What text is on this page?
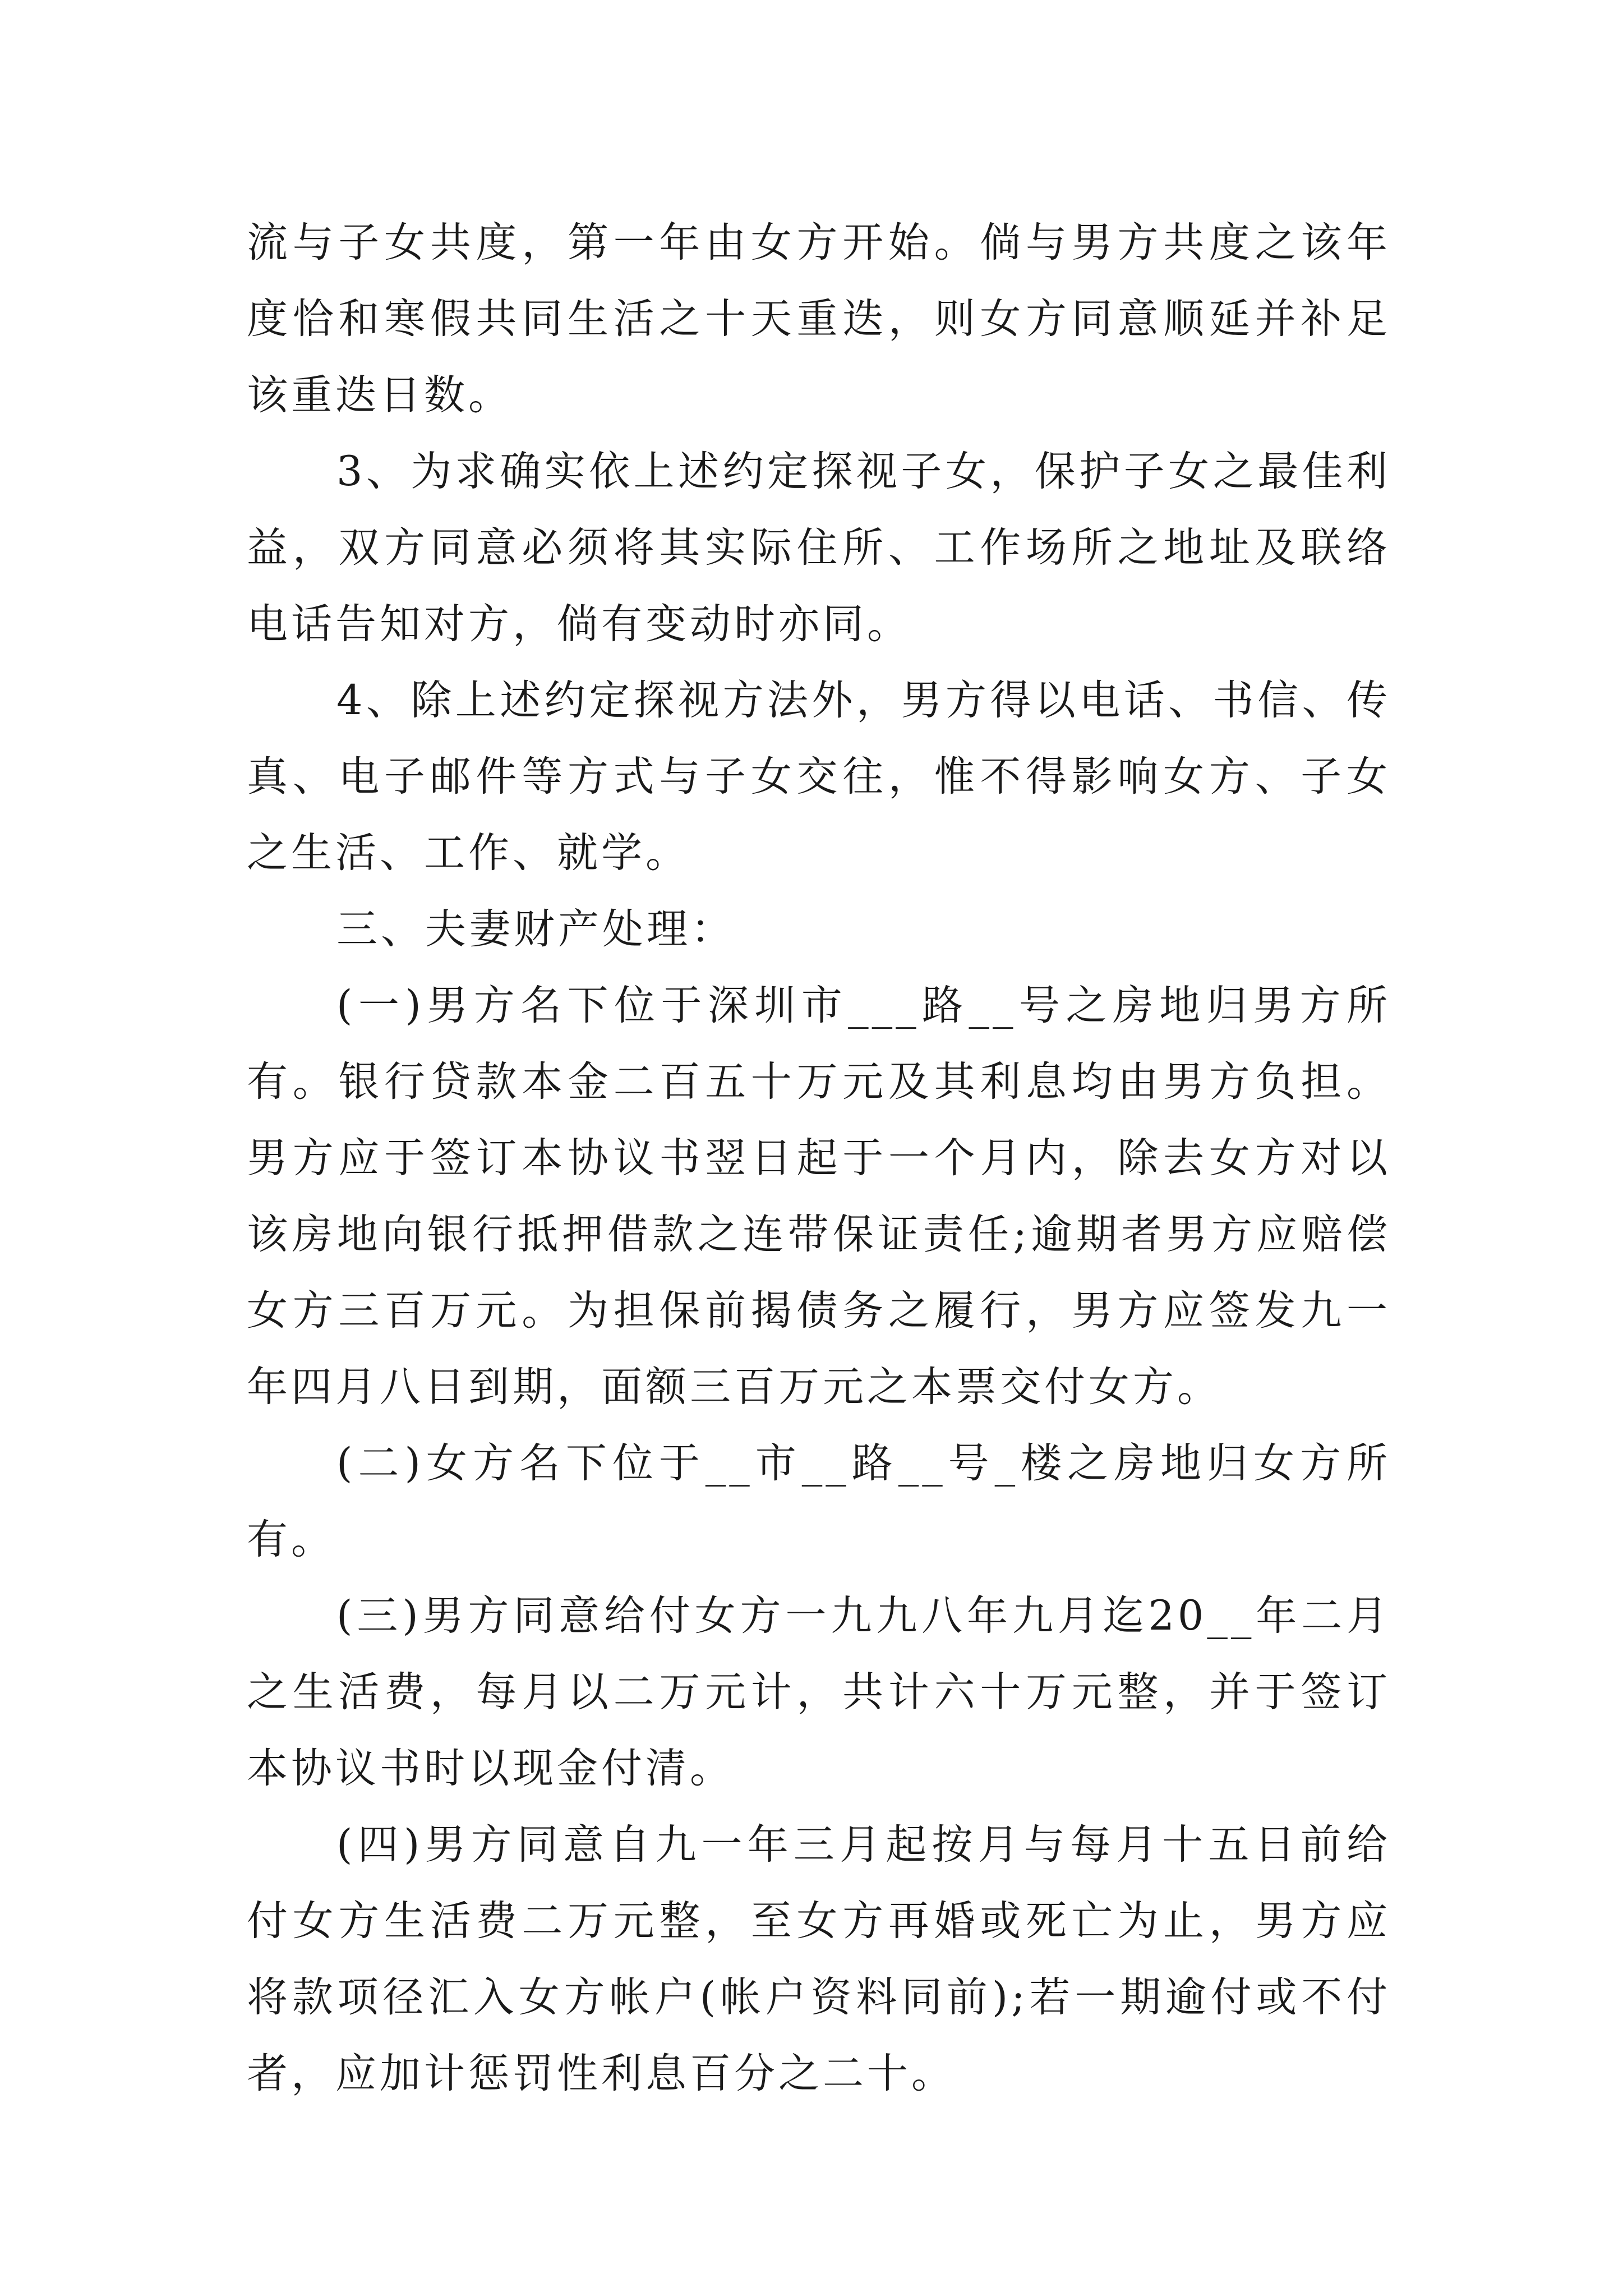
流与子女共度，第一年由女方开始。倘与男方共度之该年度恰和寒假共同生活之十天重迭，则女方同意顺延并补足该重迭日数。

3、为求确实依上述约定探视子女，保护子女之最佳利益，双方同意必须将其实际住所、工作场所之地址及联络电话告知对方，倘有变动时亦同。

4、除上述约定探视方法外，男方得以电话、书信、传真、电子邮件等方式与子女交往，惟不得影响女方、子女之生活、工作、就学。

三、夫妻财产处理：

(一)男方名下位于深圳市___路__号之房地归男方所有。银行贷款本金二百五十万元及其利息均由男方负担。男方应于签订本协议书翌日起于一个月内，除去女方对以该房地向银行抵押借款之连带保证责任;逾期者男方应赔偿女方三百万元。为担保前揭债务之履行，男方应签发九一年四月八日到期，面额三百万元之本票交付女方。

(二)女方名下位于__市__路__号_楼之房地归女方所有。

(三)男方同意给付女方一九九八年九月迄20__年二月之生活费，每月以二万元计，共计六十万元整，并于签订本协议书时以现金付清。

(四)男方同意自九一年三月起按月与每月十五日前给付女方生活费二万元整，至女方再婚或死亡为止，男方应将款项径汇入女方帐户(帐户资料同前);若一期逾付或不付者，应加计惩罚性利息百分之二十。
